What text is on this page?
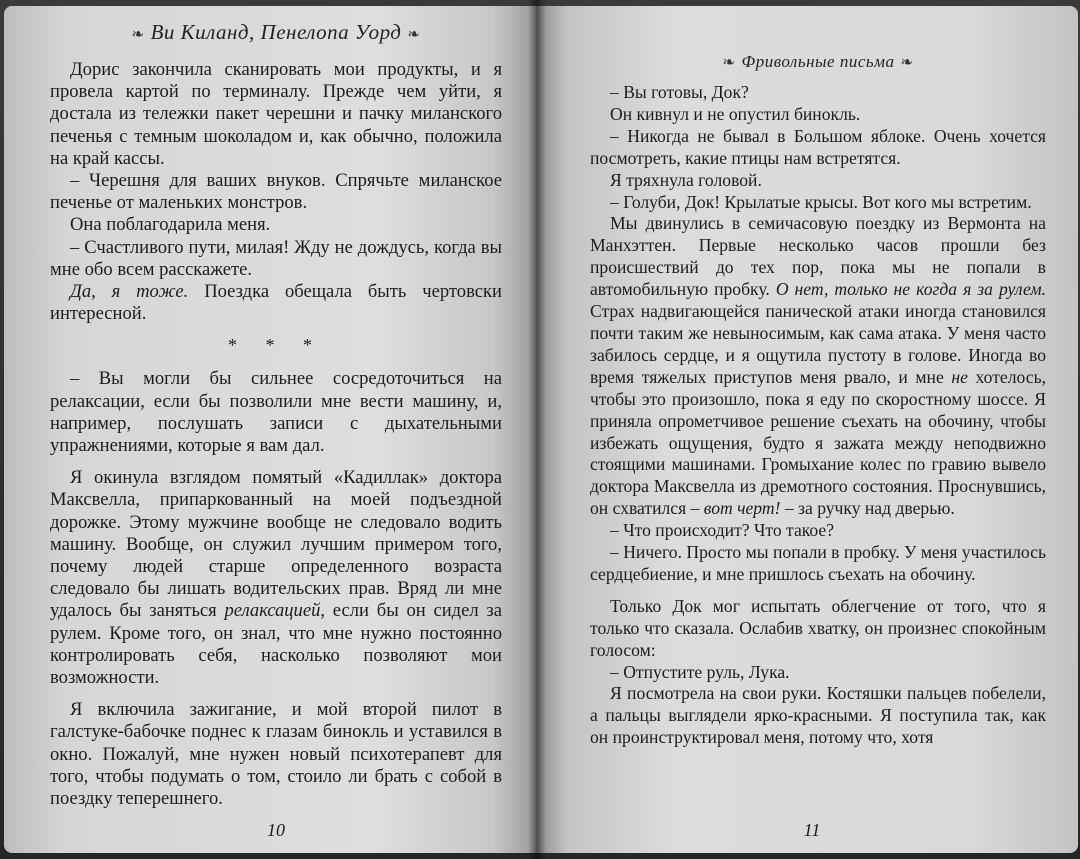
❧ Ви Киланд, Пенелопа Уорд ❧

Дорис закончила сканировать мои продукты, и я провела картой по терминалу. Прежде чем уйти, я достала из тележки пакет черешни и пачку миланского печенья с темным шоколадом и, как обычно, положила на край кассы.

– Черешня для ваших внуков. Спрячьте миланское печенье от маленьких монстров.

Она поблагодарила меня.

– Счастливого пути, милая! Жду не дождусь, когда вы мне обо всем расскажете.

Да, я тоже. Поездка обещала быть чертовски интересной.

* * *

– Вы могли бы сильнее сосредоточиться на релаксации, если бы позволили мне вести машину, и, например, послушать записи с дыхательными упражнениями, которые я вам дал.

Я окинула взглядом помятый «Кадиллак» доктора Максвелла, припаркованный на моей подъездной дорожке. Этому мужчине вообще не следовало водить машину. Вообще, он служил лучшим примером того, почему людей старше определенного возраста следовало бы лишать водительских прав. Вряд ли мне удалось бы заняться релаксацией, если бы он сидел за рулем. Кроме того, он знал, что мне нужно постоянно контролировать себя, насколько позволяют мои возможности.

Я включила зажигание, и мой второй пилот в галстуке-бабочке поднес к глазам бинокль и уставился в окно. Пожалуй, мне нужен новый психотерапевт для того, чтобы подумать о том, стоило ли брать с собой в поездку теперешнего.

10
❧ Фривольные письма ❧

– Вы готовы, Док?

Он кивнул и не опустил бинокль.

– Никогда не бывал в Большом яблоке. Очень хочется посмотреть, какие птицы нам встретятся.

Я тряхнула головой.

– Голуби, Док! Крылатые крысы. Вот кого мы встретим.

Мы двинулись в семичасовую поездку из Вермонта на Манхэттен. Первые несколько часов прошли без происшествий до тех пор, пока мы не попали в автомобильную пробку. О нет, только не когда я за рулем. Страх надвигающейся панической атаки иногда становился почти таким же невыносимым, как сама атака. У меня часто забилось сердце, и я ощутила пустоту в голове. Иногда во время тяжелых приступов меня рвало, и мне не хотелось, чтобы это произошло, пока я еду по скоростному шоссе. Я приняла опрометчивое решение съехать на обочину, чтобы избежать ощущения, будто я зажата между неподвижно стоящими машинами. Громыхание колес по гравию вывело доктора Максвелла из дремотного состояния. Проснувшись, он схватился – вот черт! – за ручку над дверью.

– Что происходит? Что такое?

– Ничего. Просто мы попали в пробку. У меня участилось сердцебиение, и мне пришлось съехать на обочину.

Только Док мог испытать облегчение от того, что я только что сказала. Ослабив хватку, он произнес спокойным голосом:

– Отпустите руль, Лука.

Я посмотрела на свои руки. Костяшки пальцев побелели, а пальцы выглядели ярко-красными. Я поступила так, как он проинструктировал меня, потому что, хотя

11
